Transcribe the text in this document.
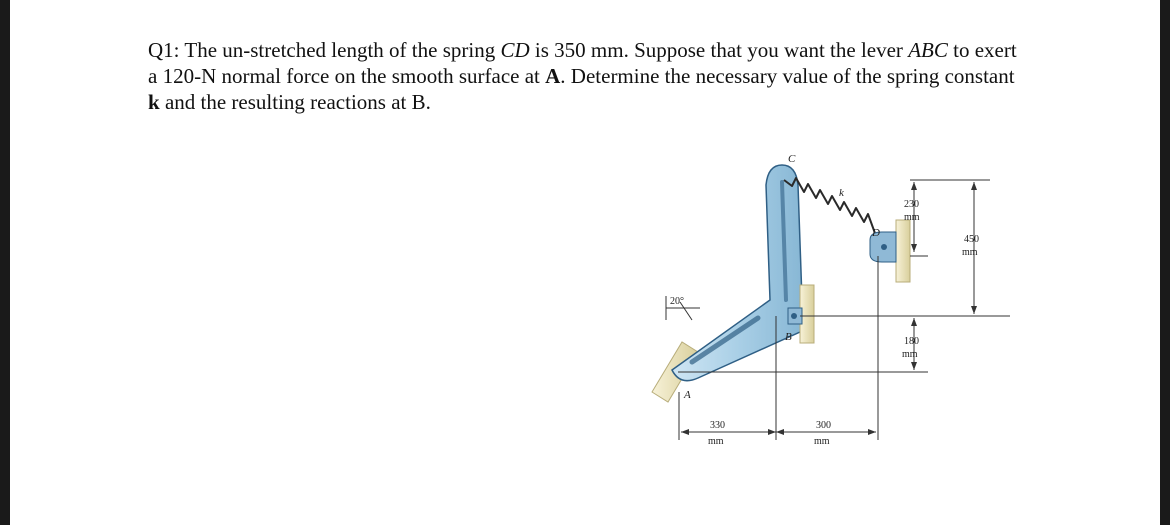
Q1: The un-stretched length of the spring CD is 350 mm. Suppose that you want the lever ABC to exert a 120-N normal force on the smooth surface at A. Determine the necessary value of the spring constant k and the resulting reactions at B.

C
k
D
B
A
20°
230
mm
450
mm
180
mm
330
mm
300
mm
